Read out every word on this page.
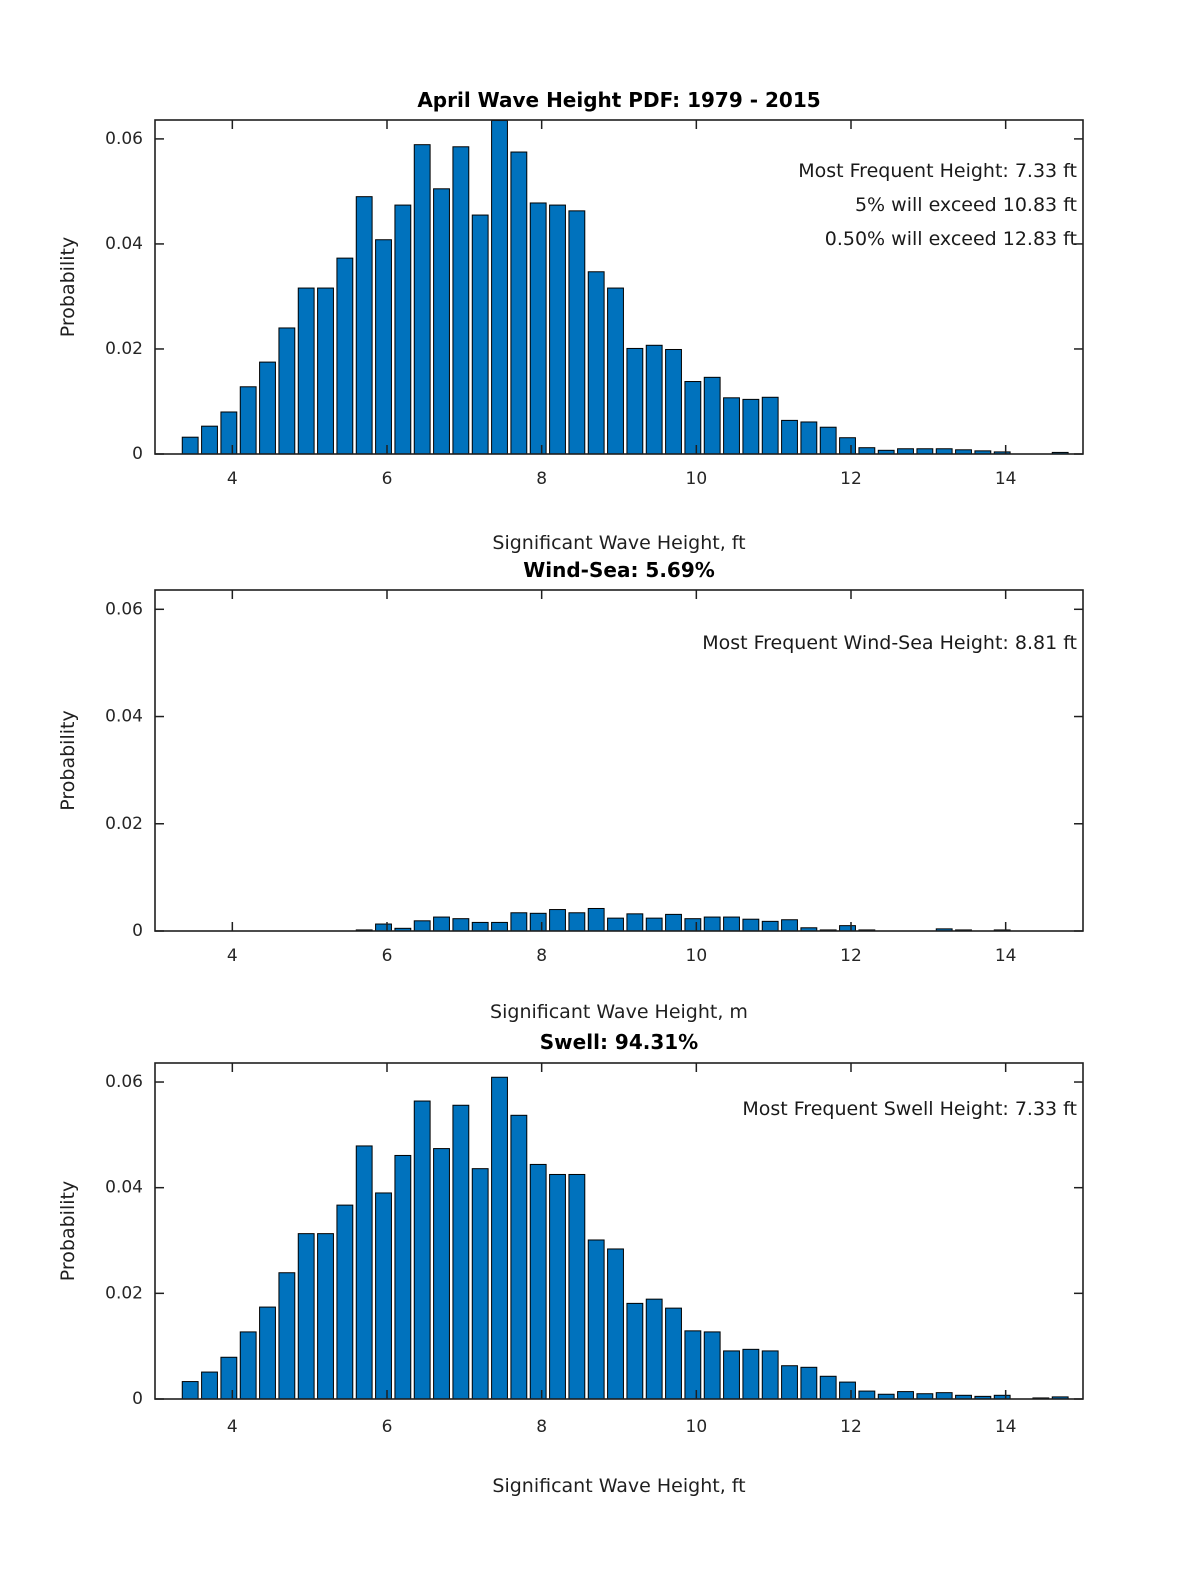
4	6	8	10	12	14
0
0.02
0.04
0.06
April Wave Height PDF: 1979 - 2015
Significant Wave Height, ft
Probability
Most Frequent Height: 7.33 ft
5% will exceed 10.83 ft
0.50% will exceed 12.83 ft
4	6	8	10	12	14
0
0.02
0.04
0.06
Wind-Sea: 5.69%
Significant Wave Height, m
Probability
Most Frequent Wind-Sea Height: 8.81 ft
4	6	8	10	12	14
0
0.02
0.04
0.06
Swell: 94.31%
Significant Wave Height, ft
Probability
Most Frequent Swell Height: 7.33 ft
